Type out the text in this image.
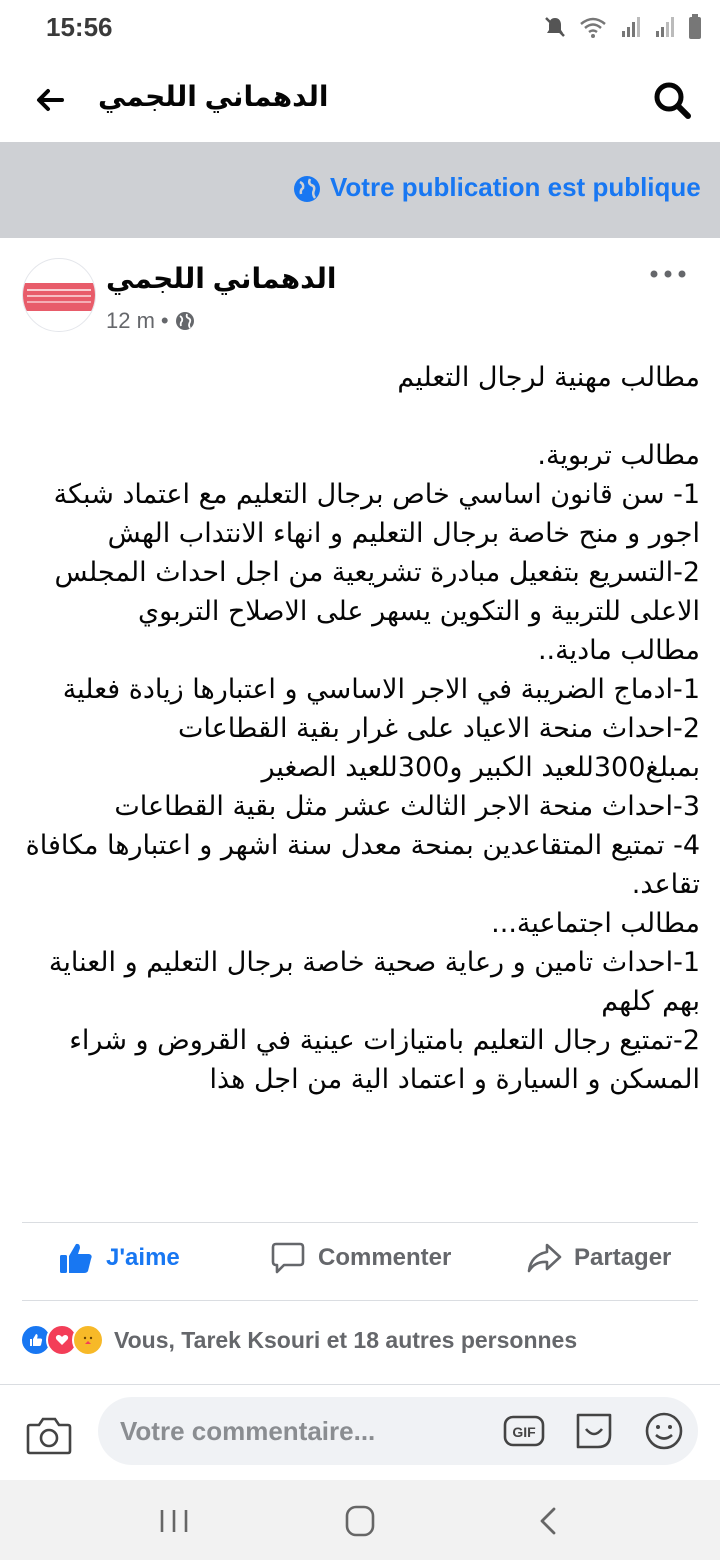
15:56
الدهماني اللجمي
Votre publication est publique
الدهماني اللجمي
12 m •

مطالب مهنية لرجال التعليم

مطالب تربوية.

1- سن قانون اساسي خاص برجال التعليم مع اعتماد شبكة

اجور و منح خاصة برجال التعليم و انهاء الانتداب الهش

2-التسريع بتفعيل مبادرة تشريعية من اجل احداث المجلس

الاعلى للتربية و التكوين يسهر على الاصلاح التربوي

مطالب مادية..

1-ادماج الضريبة في الاجر الاساسي و اعتبارها زيادة فعلية

2-احداث منحة الاعياد على غرار بقية القطاعات

بمبلغ300للعيد الكبير و300للعيد الصغير

3-احداث منحة الاجر الثالث عشر مثل بقية القطاعات

4- تمتيع المتقاعدين بمنحة معدل سنة اشهر و اعتبارها مكافاة

تقاعد.

مطالب اجتماعية...

1-احداث تامين و رعاية صحية خاصة برجال التعليم و العناية

بهم كلهم

2-تمتيع رجال التعليم بامتيازات عينية في القروض و شراء

المسكن و السيارة و اعتماد الية من اجل هذا

J'aime	Commenter	Partager
Vous, Tarek Ksouri et 18 autres personnes
Votre commentaire...
GIF
